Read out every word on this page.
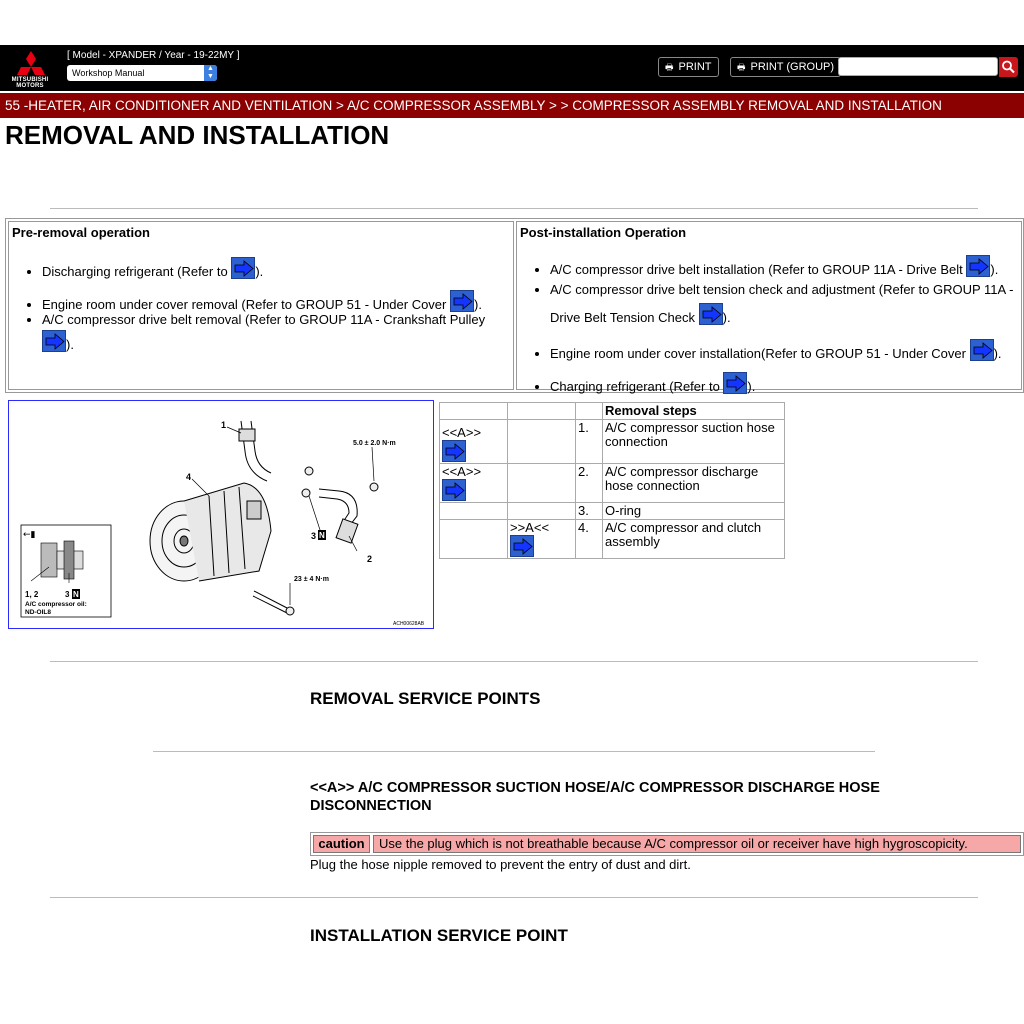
MITSUBISHI
MOTORS
[ Model - XPANDER / Year - 19-22MY ]
Workshop Manual	▲
▼
🖶 PRINT	🖶 PRINT (GROUP)
55 -HEATER, AIR CONDITIONER AND VENTILATION > A/C COMPRESSOR ASSEMBLY > > COMPRESSOR ASSEMBLY REMOVAL AND INSTALLATION
REMOVAL AND INSTALLATION
Pre-removal operation
• Discharging refrigerant (Refer to
).
• Engine room under cover removal (Refer to GROUP 51 - Under Cover
).
• A/C compressor drive belt removal (Refer to GROUP 11A - Crankshaft Pulley

).
Post-installation Operation
• A/C compressor drive belt installation (Refer to GROUP 11A - Drive Belt
).
• A/C compressor drive belt tension check and adjustment (Refer to GROUP 11A - Drive Belt Tension Check
).
• Engine room under cover installation(Refer to GROUP 51 - Under Cover
).
• Charging refrigerant (Refer to
).
1
4
2
3 N
5.0 ± 2.0 N·m
23 ± 4 N·m
ACH00628AB
←▮
1, 2	3 N
A/C compressor oil:
ND-OIL8
			Removal steps
<<A>>		1.	A/C compressor suction hose connection
<<A>>		2.	A/C compressor discharge hose connection
		3.	O-ring
	>>A<<	4.	A/C compressor and clutch assembly
REMOVAL SERVICE POINTS
<<A>> A/C COMPRESSOR SUCTION HOSE/A/C COMPRESSOR DISCHARGE HOSE DISCONNECTION
caution	Use the plug which is not breathable because A/C compressor oil or receiver have high hygroscopicity.
Plug the hose nipple removed to prevent the entry of dust and dirt.
INSTALLATION SERVICE POINT
